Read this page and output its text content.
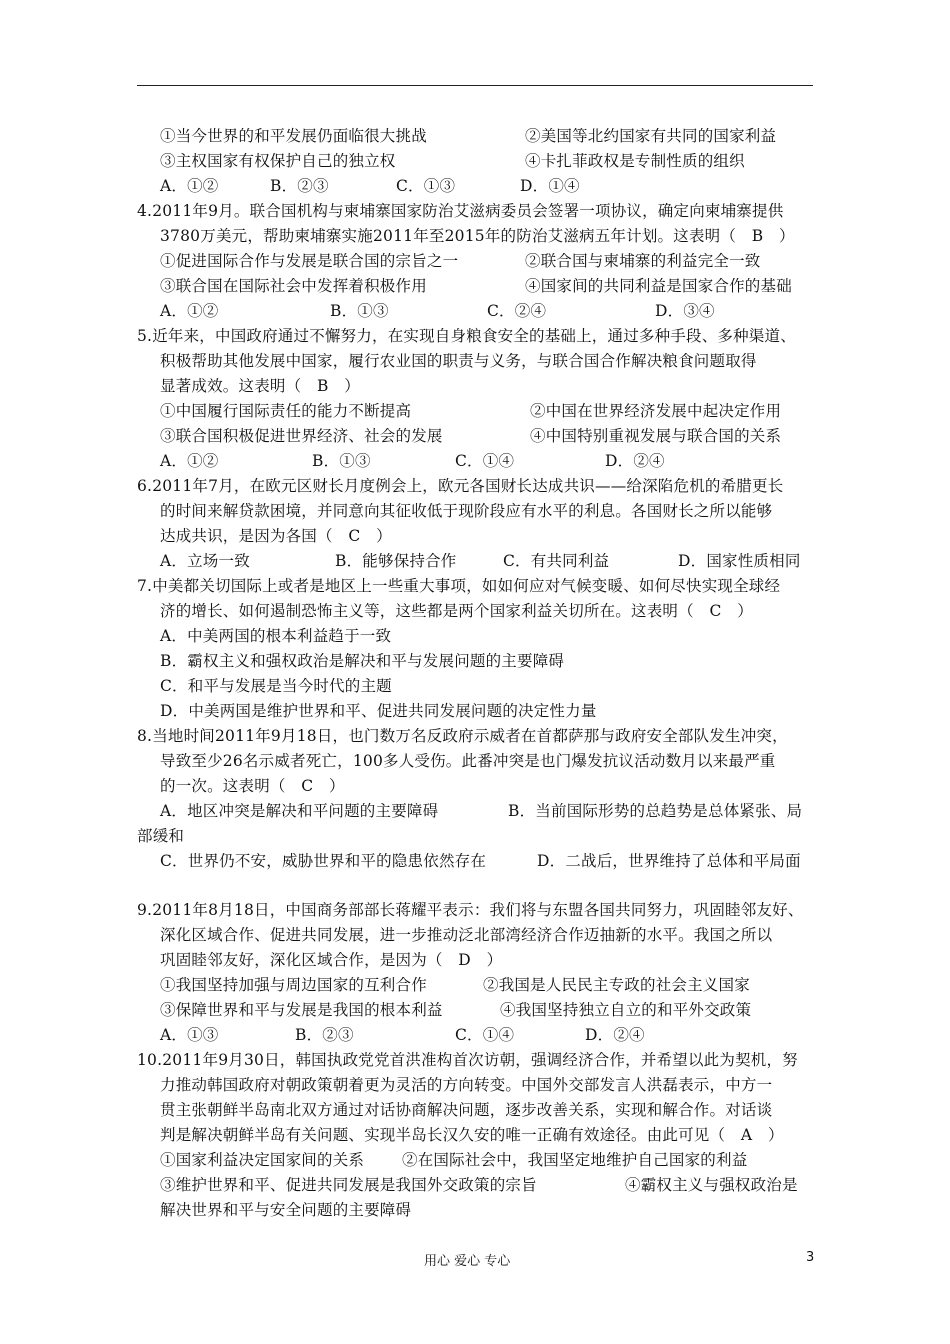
①当今世界的和平发展仍面临很大挑战	②美国等北约国家有共同的国家利益
③主权国家有权保护自己的独立权	④卡扎菲政权是专制性质的组织
A．①②	B．②③	C．①③	D．①④
4.2011年9月。联合国机构与柬埔寨国家防治艾滋病委员会签署一项协议，确定向柬埔寨提供
3780万美元，帮助柬埔寨实施2011年至2015年的防治艾滋病五年计划。这表明（　B　）
①促进国际合作与发展是联合国的宗旨之一	②联合国与柬埔寨的利益完全一致
③联合国在国际社会中发挥着积极作用	④国家间的共同利益是国家合作的基础
A．①②	B．①③	C．②④	D．③④
5.近年来，中国政府通过不懈努力，在实现自身粮食安全的基础上，通过多种手段、多种渠道、
积极帮助其他发展中国家，履行农业国的职责与义务，与联合国合作解决粮食问题取得
显著成效。这表明（　B　）
①中国履行国际责任的能力不断提高	②中国在世界经济发展中起决定作用
③联合国积极促进世界经济、社会的发展	④中国特别重视发展与联合国的关系
A．①②	B．①③	C．①④	D．②④
6.2011年7月，在欧元区财长月度例会上，欧元各国财长达成共识——给深陷危机的希腊更长
的时间来解贷款困境，并同意向其征收低于现阶段应有水平的利息。各国财长之所以能够
达成共识，是因为各国（　C　）
A．立场一致	B．能够保持合作	C．有共同利益	D．国家性质相同
7.中美都关切国际上或者是地区上一些重大事项，如如何应对气候变暖、如何尽快实现全球经
济的增长、如何遏制恐怖主义等，这些都是两个国家利益关切所在。这表明（　C　）
A．中美两国的根本利益趋于一致
B．霸权主义和强权政治是解决和平与发展问题的主要障碍
C．和平与发展是当今时代的主题
D．中美两国是维护世界和平、促进共同发展问题的决定性力量
8.当地时间2011年9月18日，也门数万名反政府示威者在首都萨那与政府安全部队发生冲突，
导致至少26名示威者死亡，100多人受伤。此番冲突是也门爆发抗议活动数月以来最严重
的一次。这表明（　C　）
A．地区冲突是解决和平问题的主要障碍	B．当前国际形势的总趋势是总体紧张、局
部缓和
C．世界仍不安，威胁世界和平的隐患依然存在	D．二战后，世界维持了总体和平局面
9.2011年8月18日，中国商务部部长蒋耀平表示：我们将与东盟各国共同努力，巩固睦邻友好、
深化区域合作、促进共同发展，进一步推动泛北部湾经济合作迈抽新的水平。我国之所以
巩固睦邻友好，深化区域合作，是因为（　D　）
①我国坚持加强与周边国家的互利合作	②我国是人民民主专政的社会主义国家
③保障世界和平与发展是我国的根本利益	④我国坚持独立自立的和平外交政策
A．①③	B．②③	C．①④	D．②④
10.2011年9月30日，韩国执政党党首洪准构首次访朝，强调经济合作，并希望以此为契机，努
力推动韩国政府对朝政策朝着更为灵活的方向转变。中国外交部发言人洪磊表示，中方一
贯主张朝鲜半岛南北双方通过对话协商解决问题，逐步改善关系，实现和解合作。对话谈
判是解决朝鲜半岛有关问题、实现半岛长汉久安的唯一正确有效途径。由此可见（　A　）
①国家利益决定国家间的关系 ②在国际社会中，我国坚定地维护自己国家的利益
③维护世界和平、促进共同发展是我国外交政策的宗旨	④霸权主义与强权政治是
解决世界和平与安全问题的主要障碍
用心 爱心 专心	3
